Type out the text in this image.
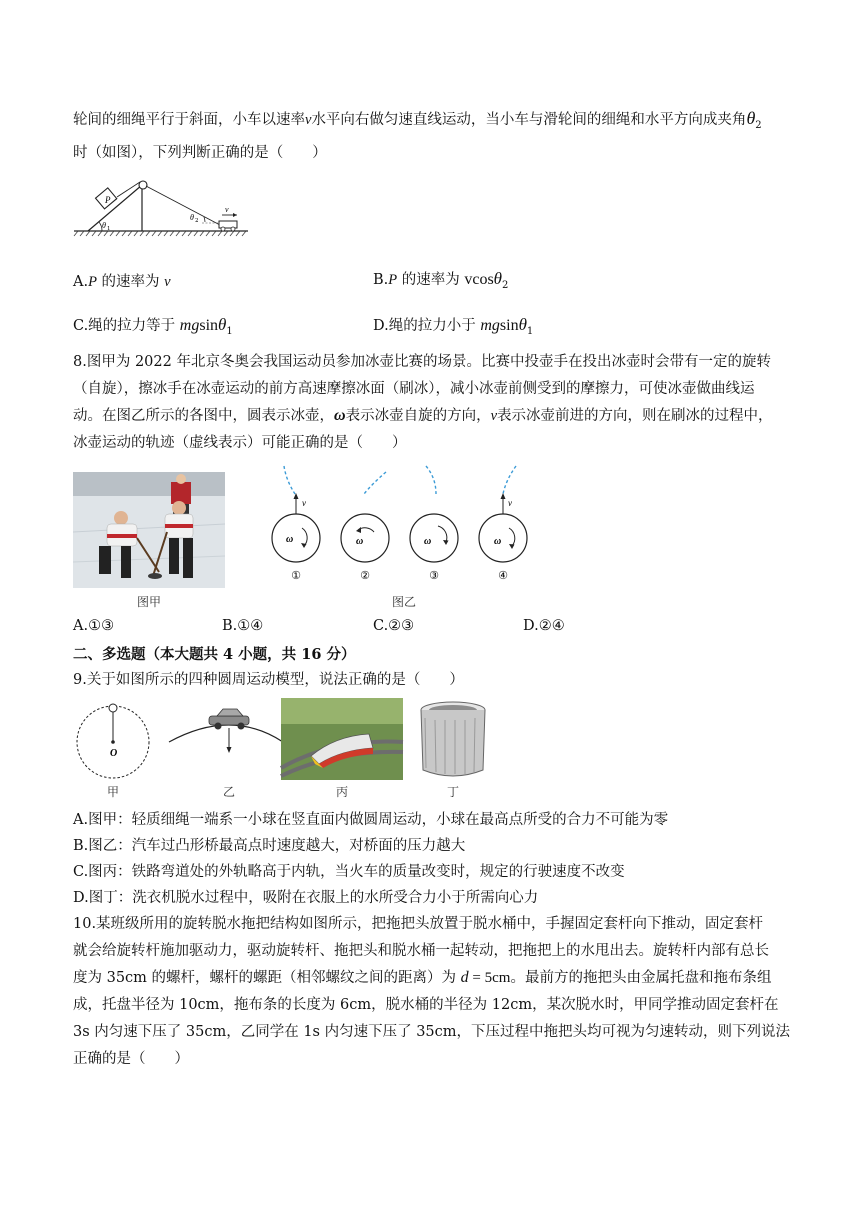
轮间的细绳平行于斜面，小车以速率v水平向右做匀速直线运动，当小车与滑轮间的细绳和水平方向成夹角$\theta_2$
时（如图），下列判断正确的是（　　）
P
θ 1
θ 2
v
A.P 的速率为 v	B.P 的速率为 vcosθ$_2$
C.绳的拉力等于 mgsinθ$_1$	D.绳的拉力小于 mgsinθ$_1$
8.图甲为 2022 年北京冬奥会我国运动员参加冰壶比赛的场景。比赛中投壶手在投出冰壶时会带有一定的旋转
（自旋），擦冰手在冰壶运动的前方高速摩擦冰面（刷冰），减小冰壶前侧受到的摩擦力，可使冰壶做曲线运
动。在图乙所示的各图中，圆表示冰壶，ω表示冰壶自旋的方向，v表示冰壶前进的方向，则在刷冰的过程中，
冰壶运动的轨迹（虚线表示）可能正确的是（　　）
图甲
v
ω
①
ω
②
ω
③
v
ω
④
图乙
A.①③	B.①④	C.②③	D.②④
二、多选题（本大题共 4 小题，共 16 分）
9.关于如图所示的四种圆周运动模型，说法正确的是（　　）
O
甲	乙	丙	丁
A.图甲：轻质细绳一端系一小球在竖直面内做圆周运动，小球在最高点所受的合力不可能为零
B.图乙：汽车过凸形桥最高点时速度越大，对桥面的压力越大
C.图丙：铁路弯道处的外轨略高于内轨，当火车的质量改变时，规定的行驶速度不改变
D.图丁：洗衣机脱水过程中，吸附在衣服上的水所受合力小于所需向心力
10.某班级所用的旋转脱水拖把结构如图所示，把拖把头放置于脱水桶中，手握固定套杆向下推动，固定套杆
就会给旋转杆施加驱动力，驱动旋转杆、拖把头和脱水桶一起转动，把拖把上的水甩出去。旋转杆内部有总长
度为 35cm 的螺杆，螺杆的螺距（相邻螺纹之间的距离）为 d = 5cm。最前方的拖把头由金属托盘和拖布条组
成，托盘半径为 10cm，拖布条的长度为 6cm，脱水桶的半径为 12cm，某次脱水时，甲同学推动固定套杆在
3s 内匀速下压了 35cm，乙同学在 1s 内匀速下压了 35cm，下压过程中拖把头均可视为匀速转动，则下列说法
正确的是（　　）
